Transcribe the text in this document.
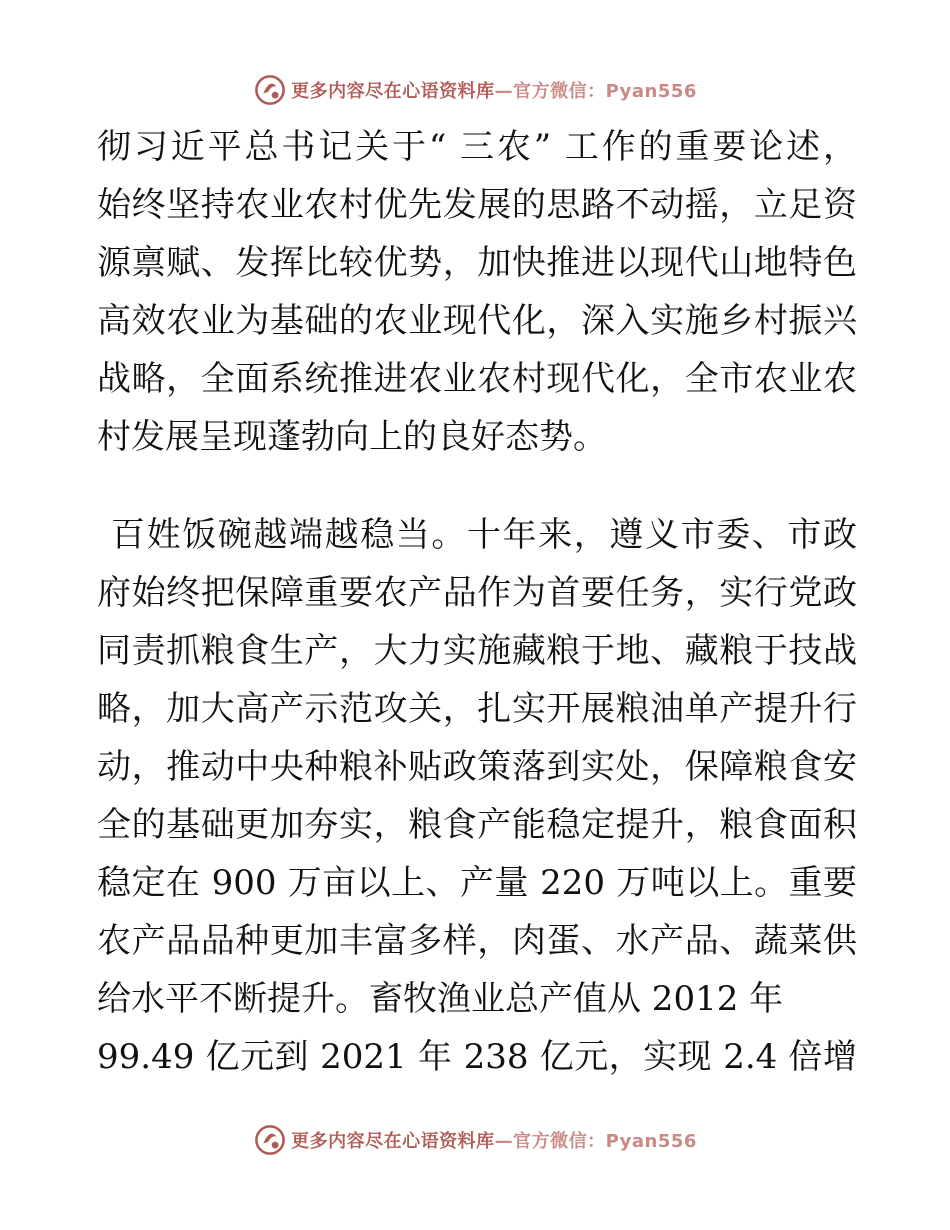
更多内容尽在心语资料库 —官方微信：Pyan556
彻习近平总书记关于“ 三农” 工作的重要论述，
始终坚持农业农村优先发展的思路不动摇，立足资
源禀赋、发挥比较优势，加快推进以现代山地特色
高效农业为基础的农业现代化，深入实施乡村振兴
战略，全面系统推进农业农村现代化，全市农业农
村发展呈现蓬勃向上的良好态势。
百姓饭碗越端越稳当。十年来，遵义市委、市政
府始终把保障重要农产品作为首要任务，实行党政
同责抓粮食生产，大力实施藏粮于地、藏粮于技战
略，加大高产示范攻关，扎实开展粮油单产提升行
动，推动中央种粮补贴政策落到实处，保障粮食安
全的基础更加夯实，粮食产能稳定提升，粮食面积
稳定在 900 万亩以上、产量 220 万吨以上。重要
农产品品种更加丰富多样，肉蛋、水产品、蔬菜供
给水平不断提升。畜牧渔业总产值从 2012 年
99.49 亿元到 2021 年 238 亿元，实现 2.4 倍增
更多内容尽在心语资料库 —官方微信：Pyan556
